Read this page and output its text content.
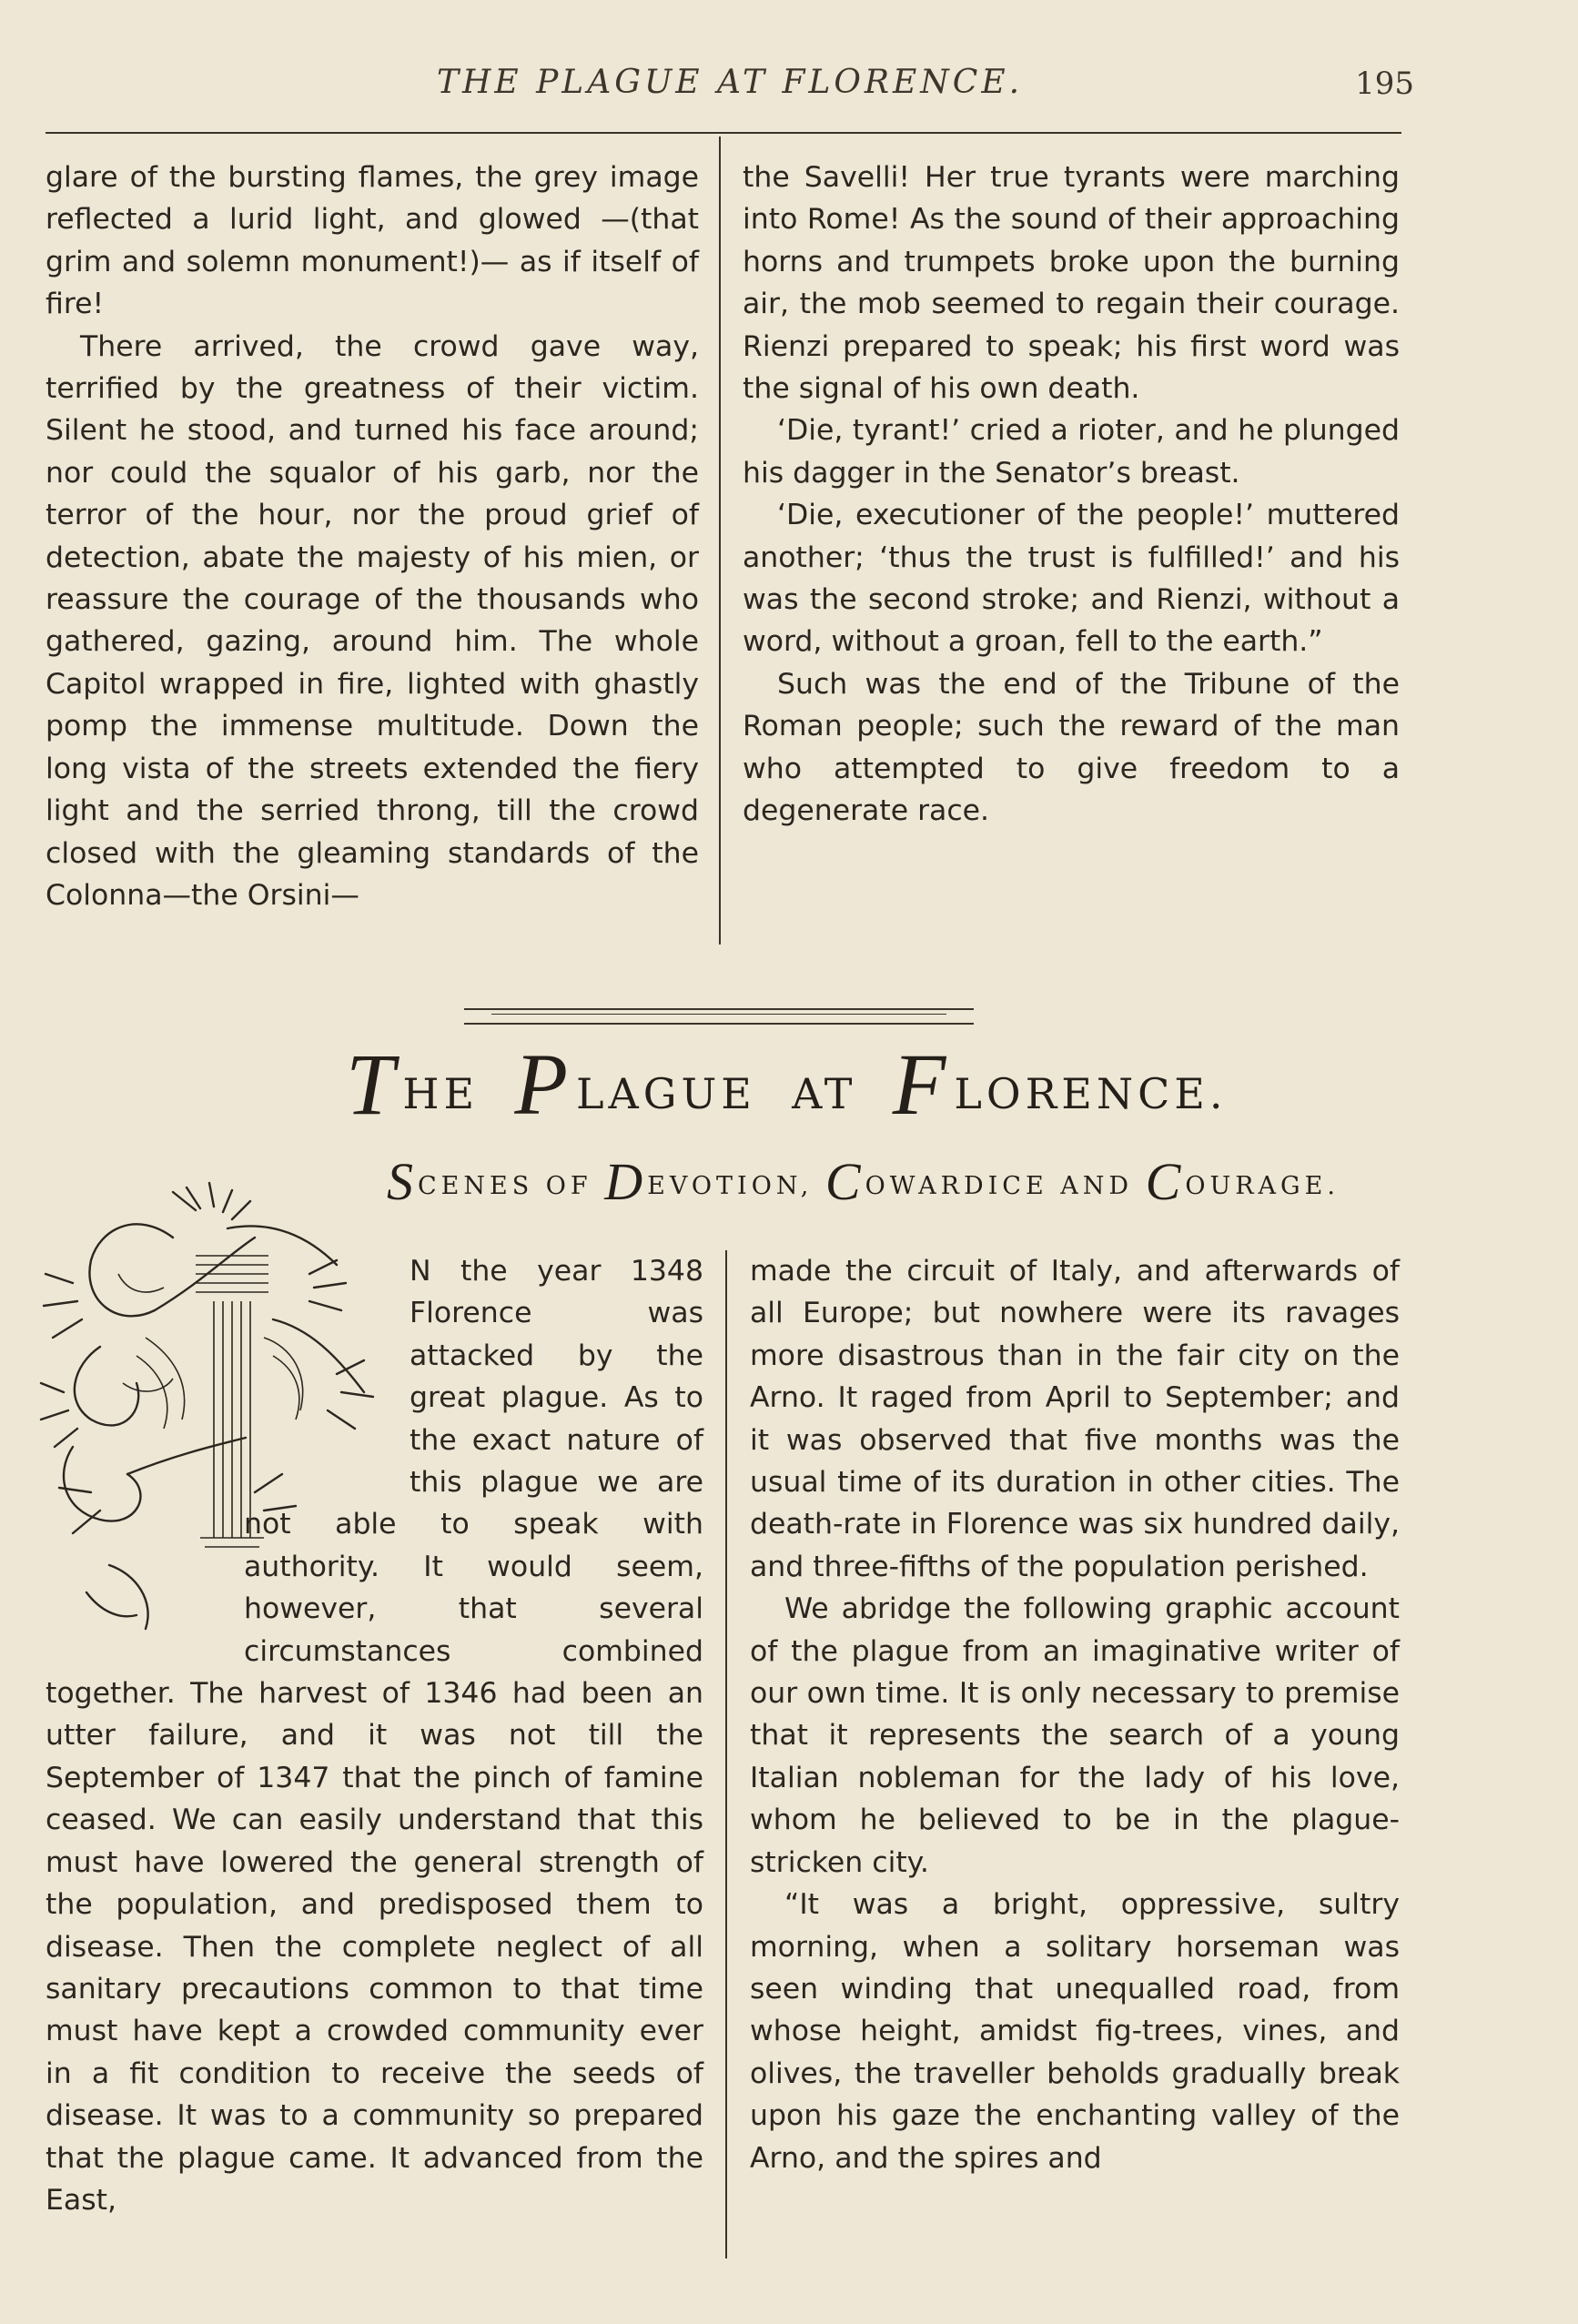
THE PLAGUE AT FLORENCE.	195

glare of the bursting flames, the grey image reflected a lurid light, and glowed —(that grim and solemn monument!)— as if itself of fire!

There arrived, the crowd gave way, terrified by the greatness of their victim. Silent he stood, and turned his face around; nor could the squalor of his garb, nor the terror of the hour, nor the proud grief of detection, abate the majesty of his mien, or reassure the courage of the thousands who gathered, gazing, around him. The whole Capitol wrapped in fire, lighted with ghastly pomp the immense multitude. Down the long vista of the streets extended the fiery light and the serried throng, till the crowd closed with the gleaming standards of the Colonna—the Orsini—

the Savelli! Her true tyrants were marching into Rome! As the sound of their approaching horns and trumpets broke upon the burning air, the mob seemed to regain their courage. Rienzi prepared to speak; his first word was the signal of his own death.

‘Die, tyrant!’ cried a rioter, and he plunged his dagger in the Senator’s breast.

‘Die, executioner of the people!’ muttered another; ‘thus the trust is fulfilled!’ and his was the second stroke; and Rienzi, without a word, without a groan, fell to the earth.”

Such was the end of the Tribune of the Roman people; such the reward of the man who attempted to give freedom to a degenerate race.

THE PLAGUE AT FLORENCE.
SCENES OF DEVOTION, COWARDICE AND COURAGE.

N the year 1348 Florence was attacked by the great plague. As to the exact nature of this plague we are not able to speak with authority. It would seem, however, that several circumstances combined together. The harvest of 1346 had been an utter failure, and it was not till the September of 1347 that the pinch of famine ceased. We can easily understand that this must have lowered the general strength of the population, and predisposed them to disease. Then the complete neglect of all sanitary precautions common to that time must have kept a crowded community ever in a fit condition to receive the seeds of disease. It was to a community so prepared that the plague came. It advanced from the East,

made the circuit of Italy, and afterwards of all Europe; but nowhere were its ravages more disastrous than in the fair city on the Arno. It raged from April to September; and it was observed that five months was the usual time of its duration in other cities. The death-rate in Florence was six hundred daily, and three-fifths of the population perished.

We abridge the following graphic account of the plague from an imaginative writer of our own time. It is only necessary to premise that it represents the search of a young Italian nobleman for the lady of his love, whom he believed to be in the plague-stricken city.

“It was a bright, oppressive, sultry morning, when a solitary horseman was seen winding that unequalled road, from whose height, amidst fig-trees, vines, and olives, the traveller beholds gradually break upon his gaze the enchanting valley of the Arno, and the spires and
